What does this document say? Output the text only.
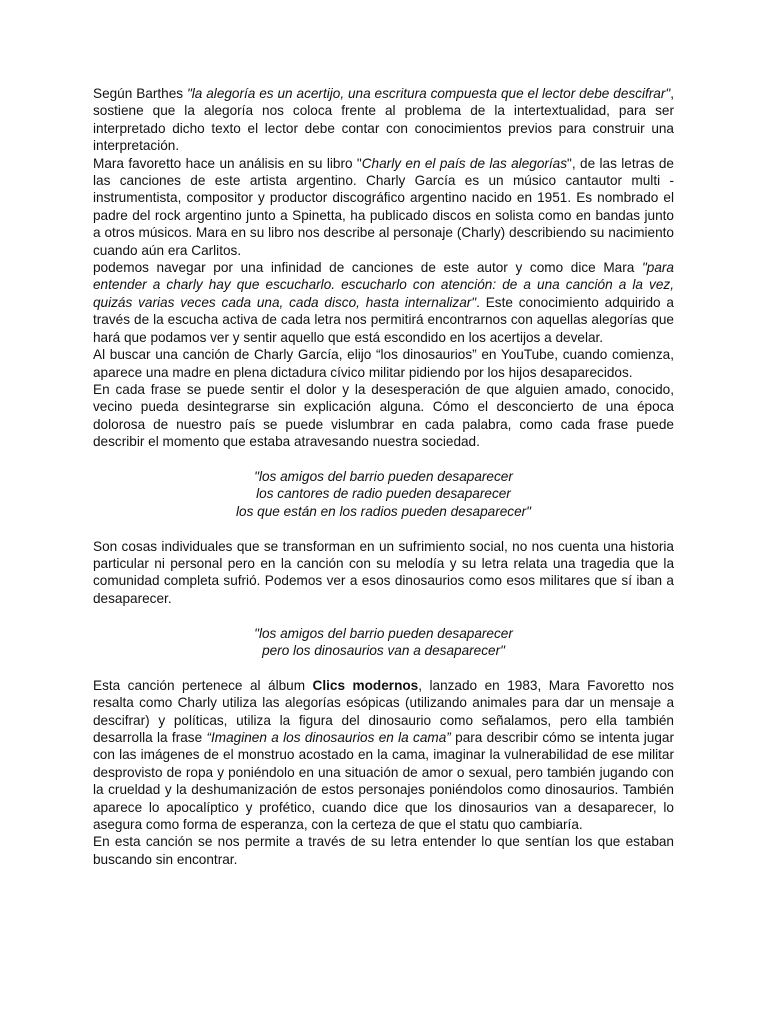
Según Barthes "la alegoría es un acertijo, una escritura compuesta que el lector debe descifrar", sostiene que la alegoría nos coloca frente al problema de la intertextualidad, para ser interpretado dicho texto el lector debe contar con conocimientos previos para construir una interpretación.

Mara favoretto hace un análisis en su libro "Charly en el país de las alegorías", de las letras de las canciones de este artista argentino. Charly García es un músico cantautor multi -instrumentista, compositor y productor discográfico argentino nacido en 1951. Es nombrado el padre del rock argentino junto a Spinetta, ha publicado discos en solista como en bandas junto a otros músicos. Mara en su libro nos describe al personaje (Charly) describiendo su nacimiento cuando aún era Carlitos.

podemos navegar por una infinidad de canciones de este autor y como dice Mara "para entender a charly hay que escucharlo. escucharlo con atención: de a una canción a la vez, quizás varias veces cada una, cada disco, hasta internalizar". Este conocimiento adquirido a través de la escucha activa de cada letra nos permitirá encontrarnos con aquellas alegorías que hará que podamos ver y sentir aquello que está escondido en los acertijos a develar.

Al buscar una canción de Charly García, elijo “los dinosaurios” en YouTube, cuando comienza, aparece una madre en plena dictadura cívico militar pidiendo por los hijos desaparecidos.

En cada frase se puede sentir el dolor y la desesperación de que alguien amado, conocido, vecino pueda desintegrarse sin explicación alguna. Cómo el desconcierto de una época dolorosa de nuestro país se puede vislumbrar en cada palabra, como cada frase puede describir el momento que estaba atravesando nuestra sociedad.

"los amigos del barrio pueden desaparecer
los cantores de radio pueden desaparecer
los que están en los radios pueden desaparecer"

Son cosas individuales que se transforman en un sufrimiento social, no nos cuenta una historia particular ni personal pero en la canción con su melodía y su letra relata una tragedia que la comunidad completa sufrió. Podemos ver a esos dinosaurios como esos militares que sí iban a desaparecer.

"los amigos del barrio pueden desaparecer
pero los dinosaurios van a desaparecer"

Esta canción pertenece al álbum Clics modernos, lanzado en 1983, Mara Favoretto nos resalta como Charly utiliza las alegorías esópicas (utilizando animales para dar un mensaje a descifrar) y políticas, utiliza la figura del dinosaurio como señalamos, pero ella también desarrolla la frase “Imaginen a los dinosaurios en la cama” para describir cómo se intenta jugar con las imágenes de el monstruo acostado en la cama, imaginar la vulnerabilidad de ese militar desprovisto de ropa y poniéndolo en una situación de amor o sexual, pero también jugando con la crueldad y la deshumanización de estos personajes poniéndolos como dinosaurios. También aparece lo apocalíptico y profético, cuando dice que los dinosaurios van a desaparecer, lo asegura como forma de esperanza, con la certeza de que el statu quo cambiaría.

En esta canción se nos permite a través de su letra entender lo que sentían los que estaban buscando sin encontrar.
